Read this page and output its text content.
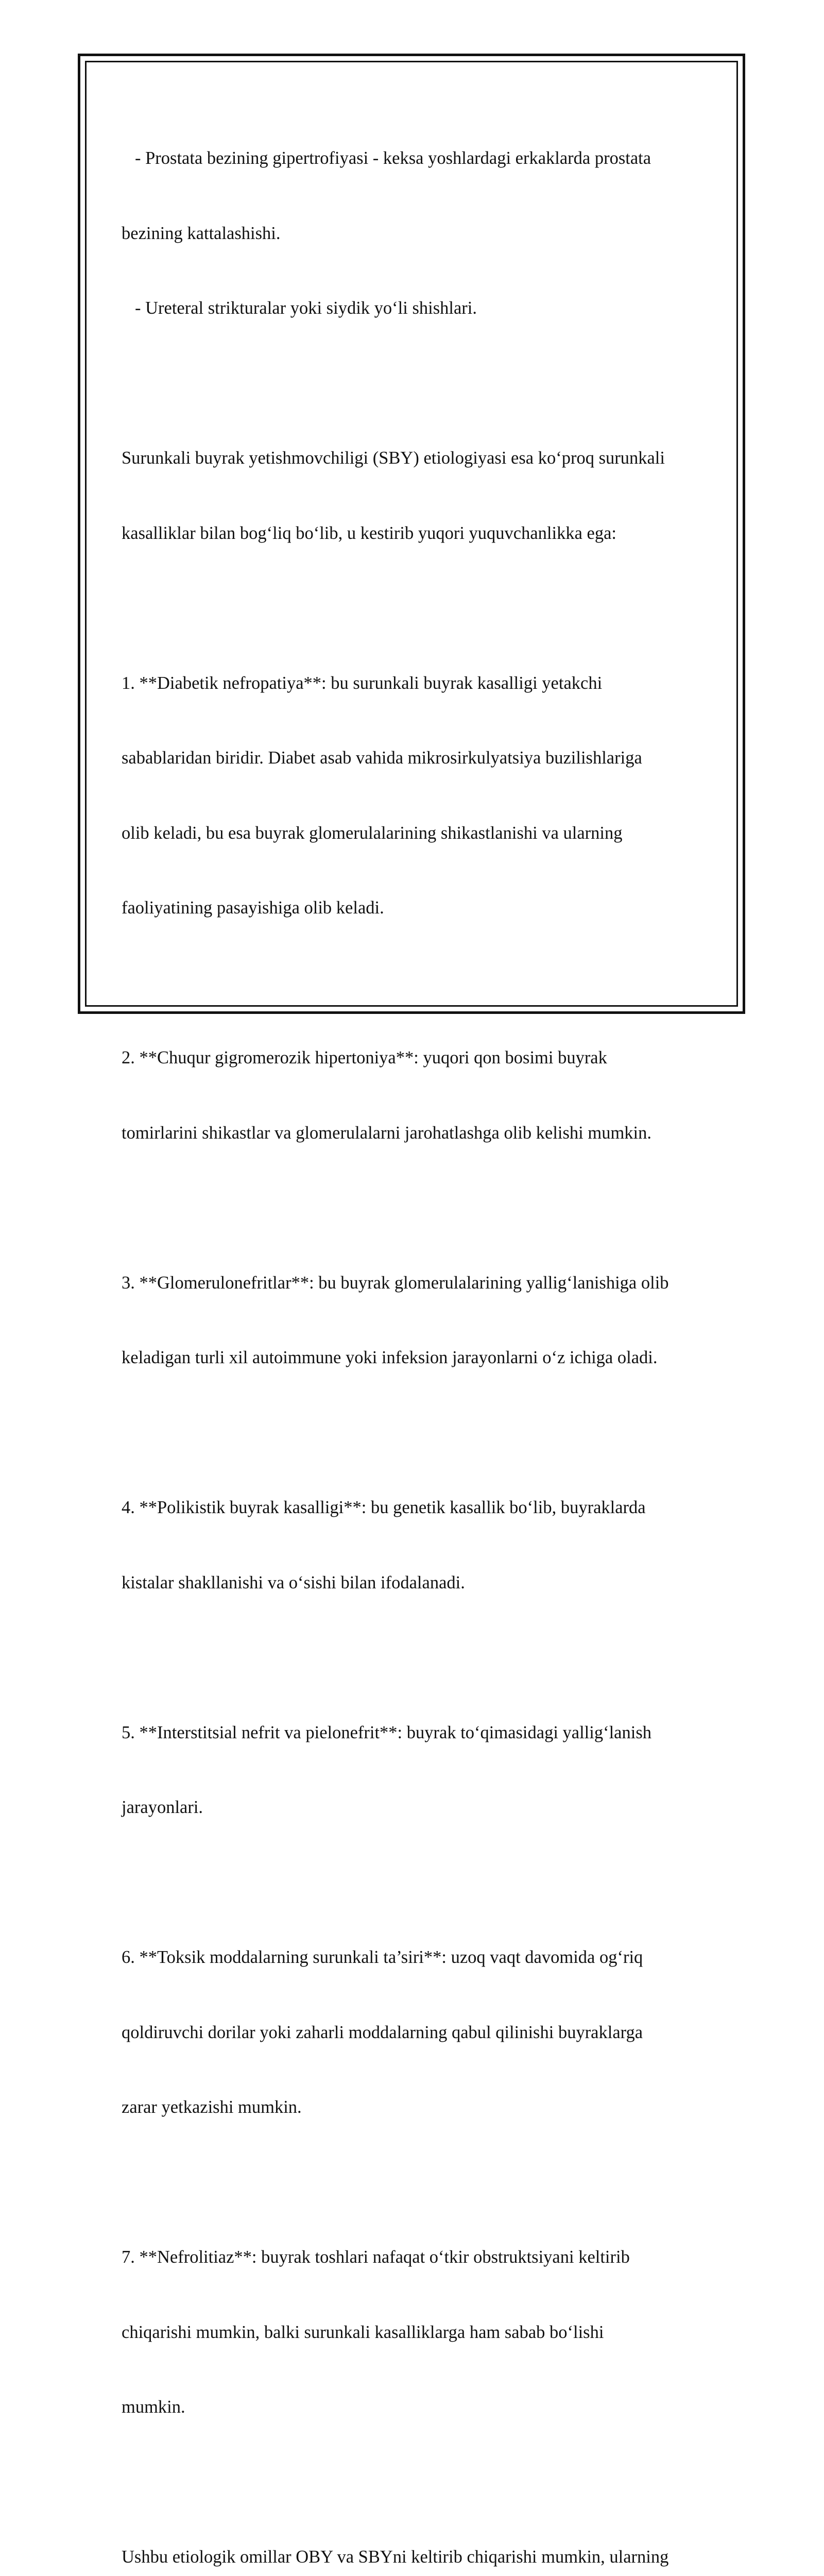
- Prostata bezining gipertrofiyasi - keksa yoshlardagi erkaklarda prostata

bezining kattalashishi.

- Ureteral strikturalar yoki siydik yo‘li shishlari.

Surunkali buyrak yetishmovchiligi (SBY) etiologiyasi esa ko‘proq surunkali

kasalliklar bilan bog‘liq bo‘lib, u kestirib yuqori yuquvchanlikka ega:

1. **Diabetik nefropatiya**: bu surunkali buyrak kasalligi yetakchi

sabablaridan biridir. Diabet asab vahida mikrosirkulyatsiya buzilishlariga

olib keladi, bu esa buyrak glomerulalarining shikastlanishi va ularning

faoliyatining pasayishiga olib keladi.

2. **Chuqur gigromerozik hipertoniya**: yuqori qon bosimi buyrak

tomirlarini shikastlar va glomerulalarni jarohatlashga olib kelishi mumkin.

3. **Glomerulonefritlar**: bu buyrak glomerulalarining yallig‘lanishiga olib

keladigan turli xil autoimmune yoki infeksion jarayonlarni o‘z ichiga oladi.

4. **Polikistik buyrak kasalligi**: bu genetik kasallik bo‘lib, buyraklarda

kistalar shakllanishi va o‘sishi bilan ifodalanadi.

5. **Interstitsial nefrit va pielonefrit**: buyrak to‘qimasidagi yallig‘lanish

jarayonlari.

6. **Toksik moddalarning surunkali ta’siri**: uzoq vaqt davomida og‘riq

qoldiruvchi dorilar yoki zaharli moddalarning qabul qilinishi buyraklarga

zarar yetkazishi mumkin.

7. **Nefrolitiaz**: buyrak toshlari nafaqat o‘tkir obstruktsiyani keltirib

chiqarishi mumkin, balki surunkali kasalliklarga ham sabab bo‘lishi

mumkin.

Ushbu etiologik omillar OBY va SBYni keltirib chiqarishi mumkin, ularning
